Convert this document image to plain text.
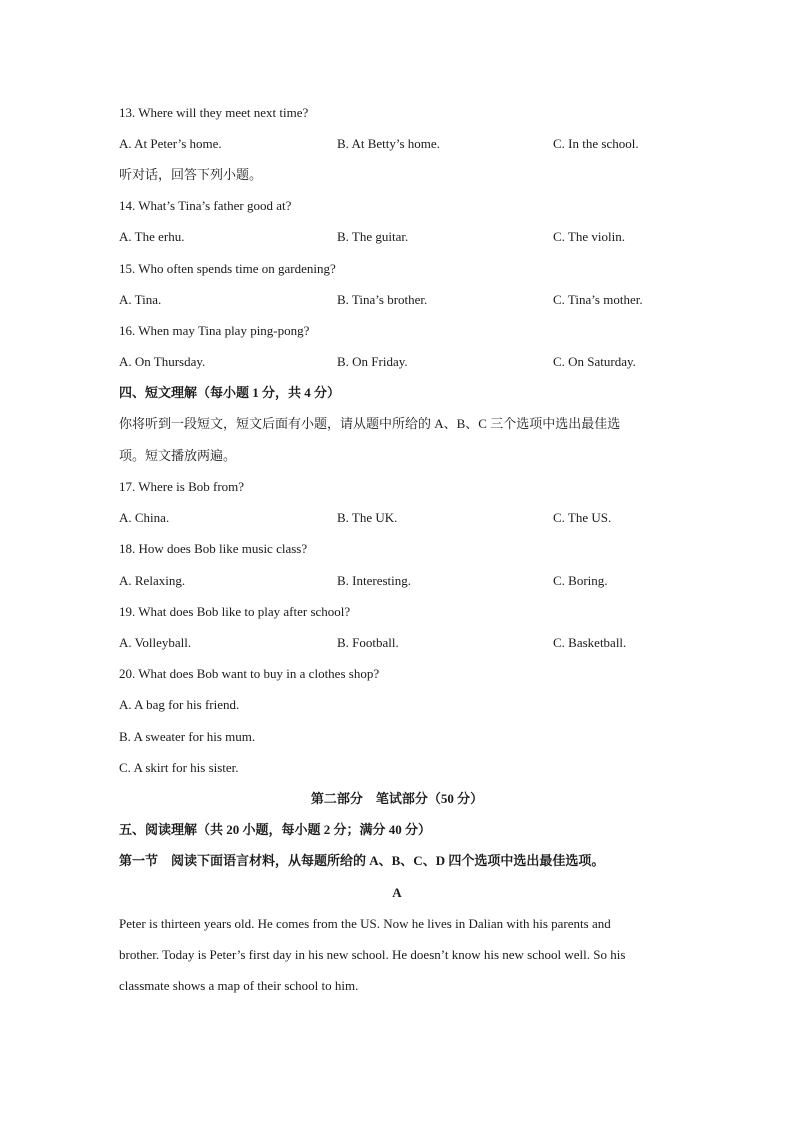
13. Where will they meet next time?
A. At Peter’s home.	B. At Betty’s home.	C. In the school.
听对话，回答下列小题。
14. What’s Tina’s father good at?
A. The erhu.	B. The guitar.	C. The violin.
15. Who often spends time on gardening?
A. Tina.	B. Tina’s brother.	C. Tina’s mother.
16. When may Tina play ping-pong?
A. On Thursday.	B. On Friday.	C. On Saturday.
四、短文理解（每小题 1 分，共 4 分）
你将听到一段短文，短文后面有小题，请从题中所给的 A、B、C 三个选项中选出最佳选
项。短文播放两遍。
17. Where is Bob from?
A. China.	B. The UK.	C. The US.
18. How does Bob like music class?
A. Relaxing.	B. Interesting.	C. Boring.
19. What does Bob like to play after school?
A. Volleyball.	B. Football.	C. Basketball.
20. What does Bob want to buy in a clothes shop?
A. A bag for his friend.
B. A sweater for his mum.
C. A skirt for his sister.
第二部分　笔试部分（50 分）
五、阅读理解（共 20 小题，每小题 2 分；满分 40 分）
第一节　阅读下面语言材料，从每题所给的 A、B、C、D 四个选项中选出最佳选项。
A
Peter is thirteen years old. He comes from the US. Now he lives in Dalian with his parents and
brother. Today is Peter’s first day in his new school. He doesn’t know his new school well. So his
classmate shows a map of their school to him.
